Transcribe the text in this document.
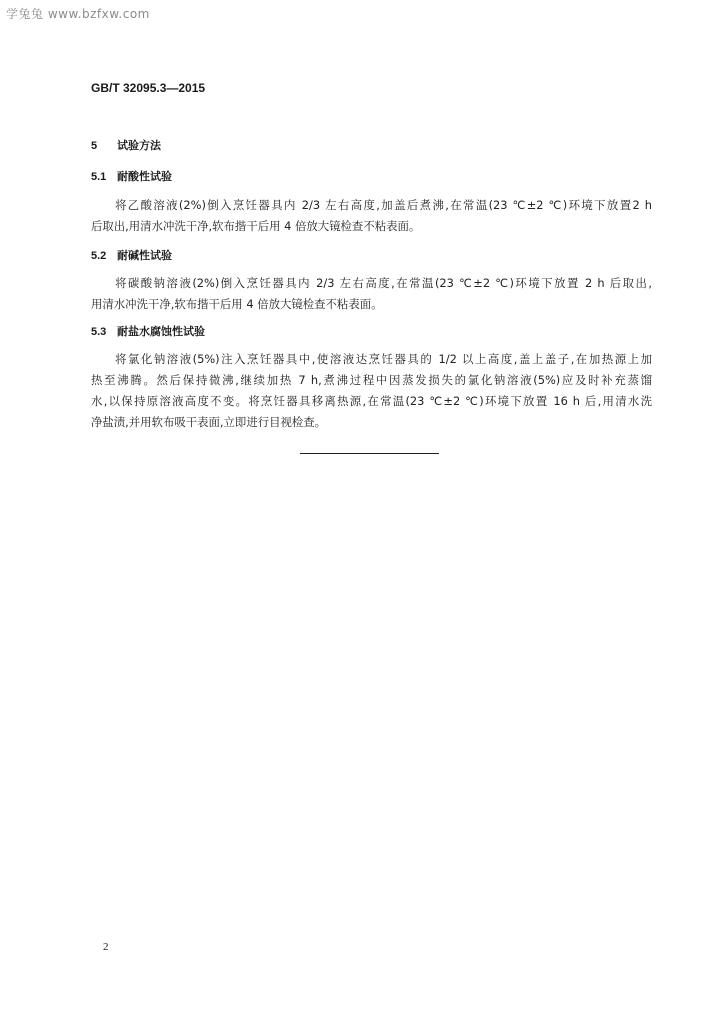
学兔兔 www.bzfxw.com
GB/T 32095.3—2015
5 试验方法
5.1 耐酸性试验
将乙酸溶液(2%)倒入烹饪器具内 2/3 左右高度,加盖后煮沸,在常温(23 ℃±2 ℃)环境下放置2 h
后取出,用清水冲洗干净,软布揩干后用 4 倍放大镜检查不粘表面。
5.2 耐碱性试验
将碳酸钠溶液(2%)倒入烹饪器具内 2/3 左右高度,在常温(23 ℃±2 ℃)环境下放置 2 h 后取出,
用清水冲洗干净,软布揩干后用 4 倍放大镜检查不粘表面。
5.3 耐盐水腐蚀性试验
将氯化钠溶液(5%)注入烹饪器具中,使溶液达烹饪器具的 1/2 以上高度,盖上盖子,在加热源上加
热至沸腾。然后保持微沸,继续加热 7 h,煮沸过程中因蒸发损失的氯化钠溶液(5%)应及时补充蒸馏
水,以保持原溶液高度不变。将烹饪器具移离热源,在常温(23 ℃±2 ℃)环境下放置 16 h 后,用清水洗
净盐渍,并用软布吸干表面,立即进行目视检查。
2
